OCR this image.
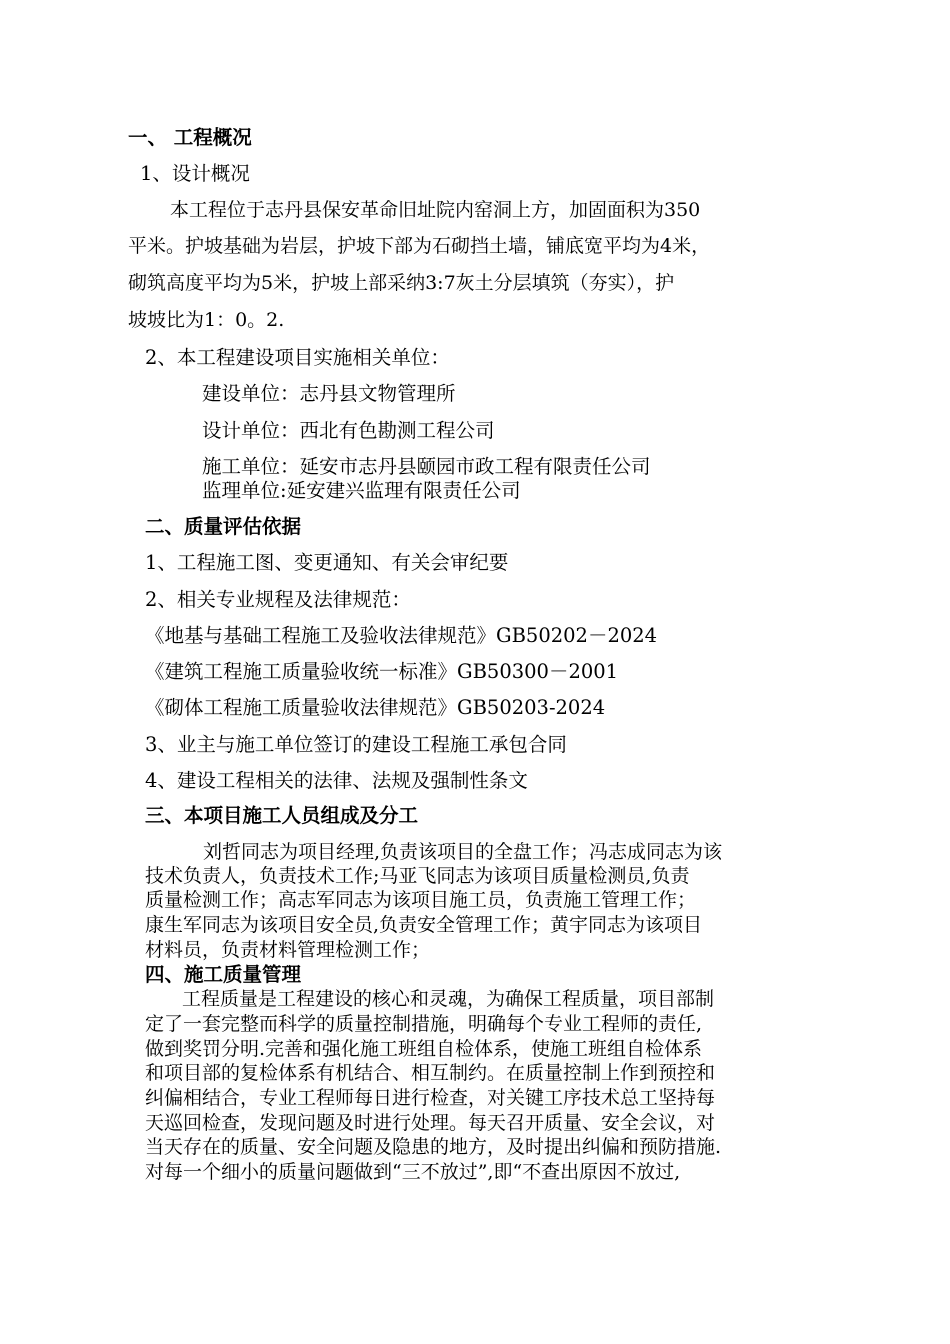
一、 工程概况
1、设计概况
本工程位于志丹县保安革命旧址院内窑洞上方，加固面积为350
平米。护坡基础为岩层，护坡下部为石砌挡土墙，铺底宽平均为4米，
砌筑高度平均为5米，护坡上部采纳3:7灰土分层填筑（夯实），护
坡坡比为1：0。2.
2、本工程建设项目实施相关单位：
建设单位：志丹县文物管理所
设计单位：西北有色勘测工程公司
施工单位：延安市志丹县颐园市政工程有限责任公司
监理单位:延安建兴监理有限责任公司
二、质量评估依据
1、工程施工图、变更通知、有关会审纪要
2、相关专业规程及法律规范：
《地基与基础工程施工及验收法律规范》GB50202－2024
《建筑工程施工质量验收统一标准》GB50300－2001
《砌体工程施工质量验收法律规范》GB50203-2024
3、业主与施工单位签订的建设工程施工承包合同
4、建设工程相关的法律、法规及强制性条文
三、本项目施工人员组成及分工
刘哲同志为项目经理,负责该项目的全盘工作；冯志成同志为该
技术负责人，负责技术工作;马亚飞同志为该项目质量检测员,负责
质量检测工作；高志军同志为该项目施工员，负责施工管理工作；
康生军同志为该项目安全员,负责安全管理工作；黄宇同志为该项目
材料员，负责材料管理检测工作；
四、施工质量管理
工程质量是工程建设的核心和灵魂，为确保工程质量，项目部制
定了一套完整而科学的质量控制措施，明确每个专业工程师的责任,
做到奖罚分明.完善和强化施工班组自检体系，使施工班组自检体系
和项目部的复检体系有机结合、相互制约。在质量控制上作到预控和
纠偏相结合，专业工程师每日进行检查，对关键工序技术总工坚持每
天巡回检查，发现问题及时进行处理。每天召开质量、安全会议，对
当天存在的质量、安全问题及隐患的地方，及时提出纠偏和预防措施.
对每一个细小的质量问题做到“三不放过”,即“不查出原因不放过,
